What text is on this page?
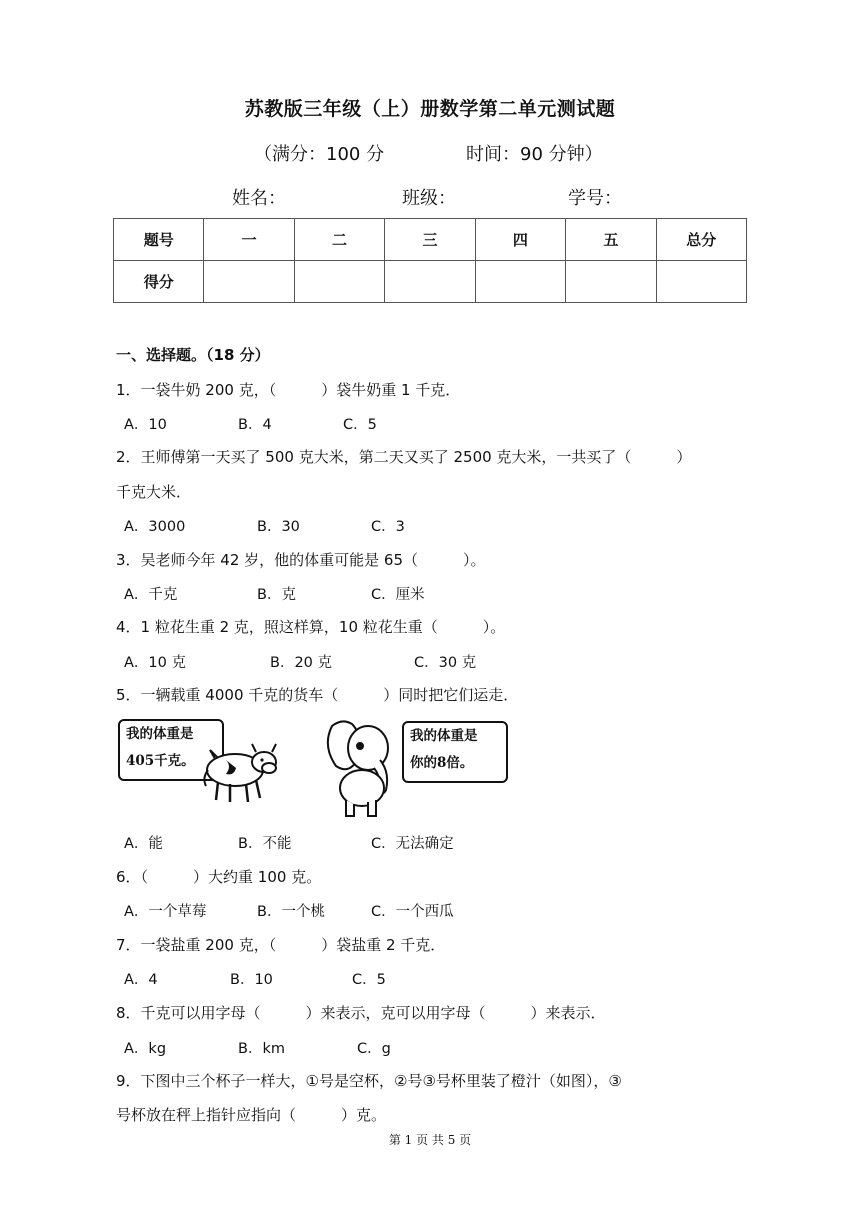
苏教版三年级（上）册数学第二单元测试题
（满分：100 分	时间：90 分钟）
姓名：	班级：	学号：
题号	一	二	三	四	五	总分
得分						
一、选择题。（18 分）
1．一袋牛奶 200 克，（　　　）袋牛奶重 1 千克．
A．10	B．4	C．5
2．王师傅第一天买了 500 克大米，第二天又买了 2500 克大米，一共买了（　　　）
千克大米．
A．3000	B．30	C．3
3．吴老师今年 42 岁，他的体重可能是 65（　　　）。
A．千克	B．克	C．厘米
4．1 粒花生重 2 克，照这样算，10 粒花生重（　　　）。
A．10 克	B．20 克	C．30 克
5．一辆载重 4000 千克的货车（　　　）同时把它们运走．
我的体重是
405千克。
我的体重是
你的8倍。
A．能	B．不能	C．无法确定
6．（　　　）大约重 100 克。
A．一个草莓	B．一个桃	C．一个西瓜
7．一袋盐重 200 克，（　　　）袋盐重 2 千克．
A．4	B．10	C．5
8．千克可以用字母（　　　）来表示，克可以用字母（　　　）来表示．
A．kg	B．km	C．g
9．下图中三个杯子一样大，①号是空杯，②号③号杯里装了橙汁（如图），③
号杯放在秤上指针应指向（　　　）克。
第 1 页 共 5 页
